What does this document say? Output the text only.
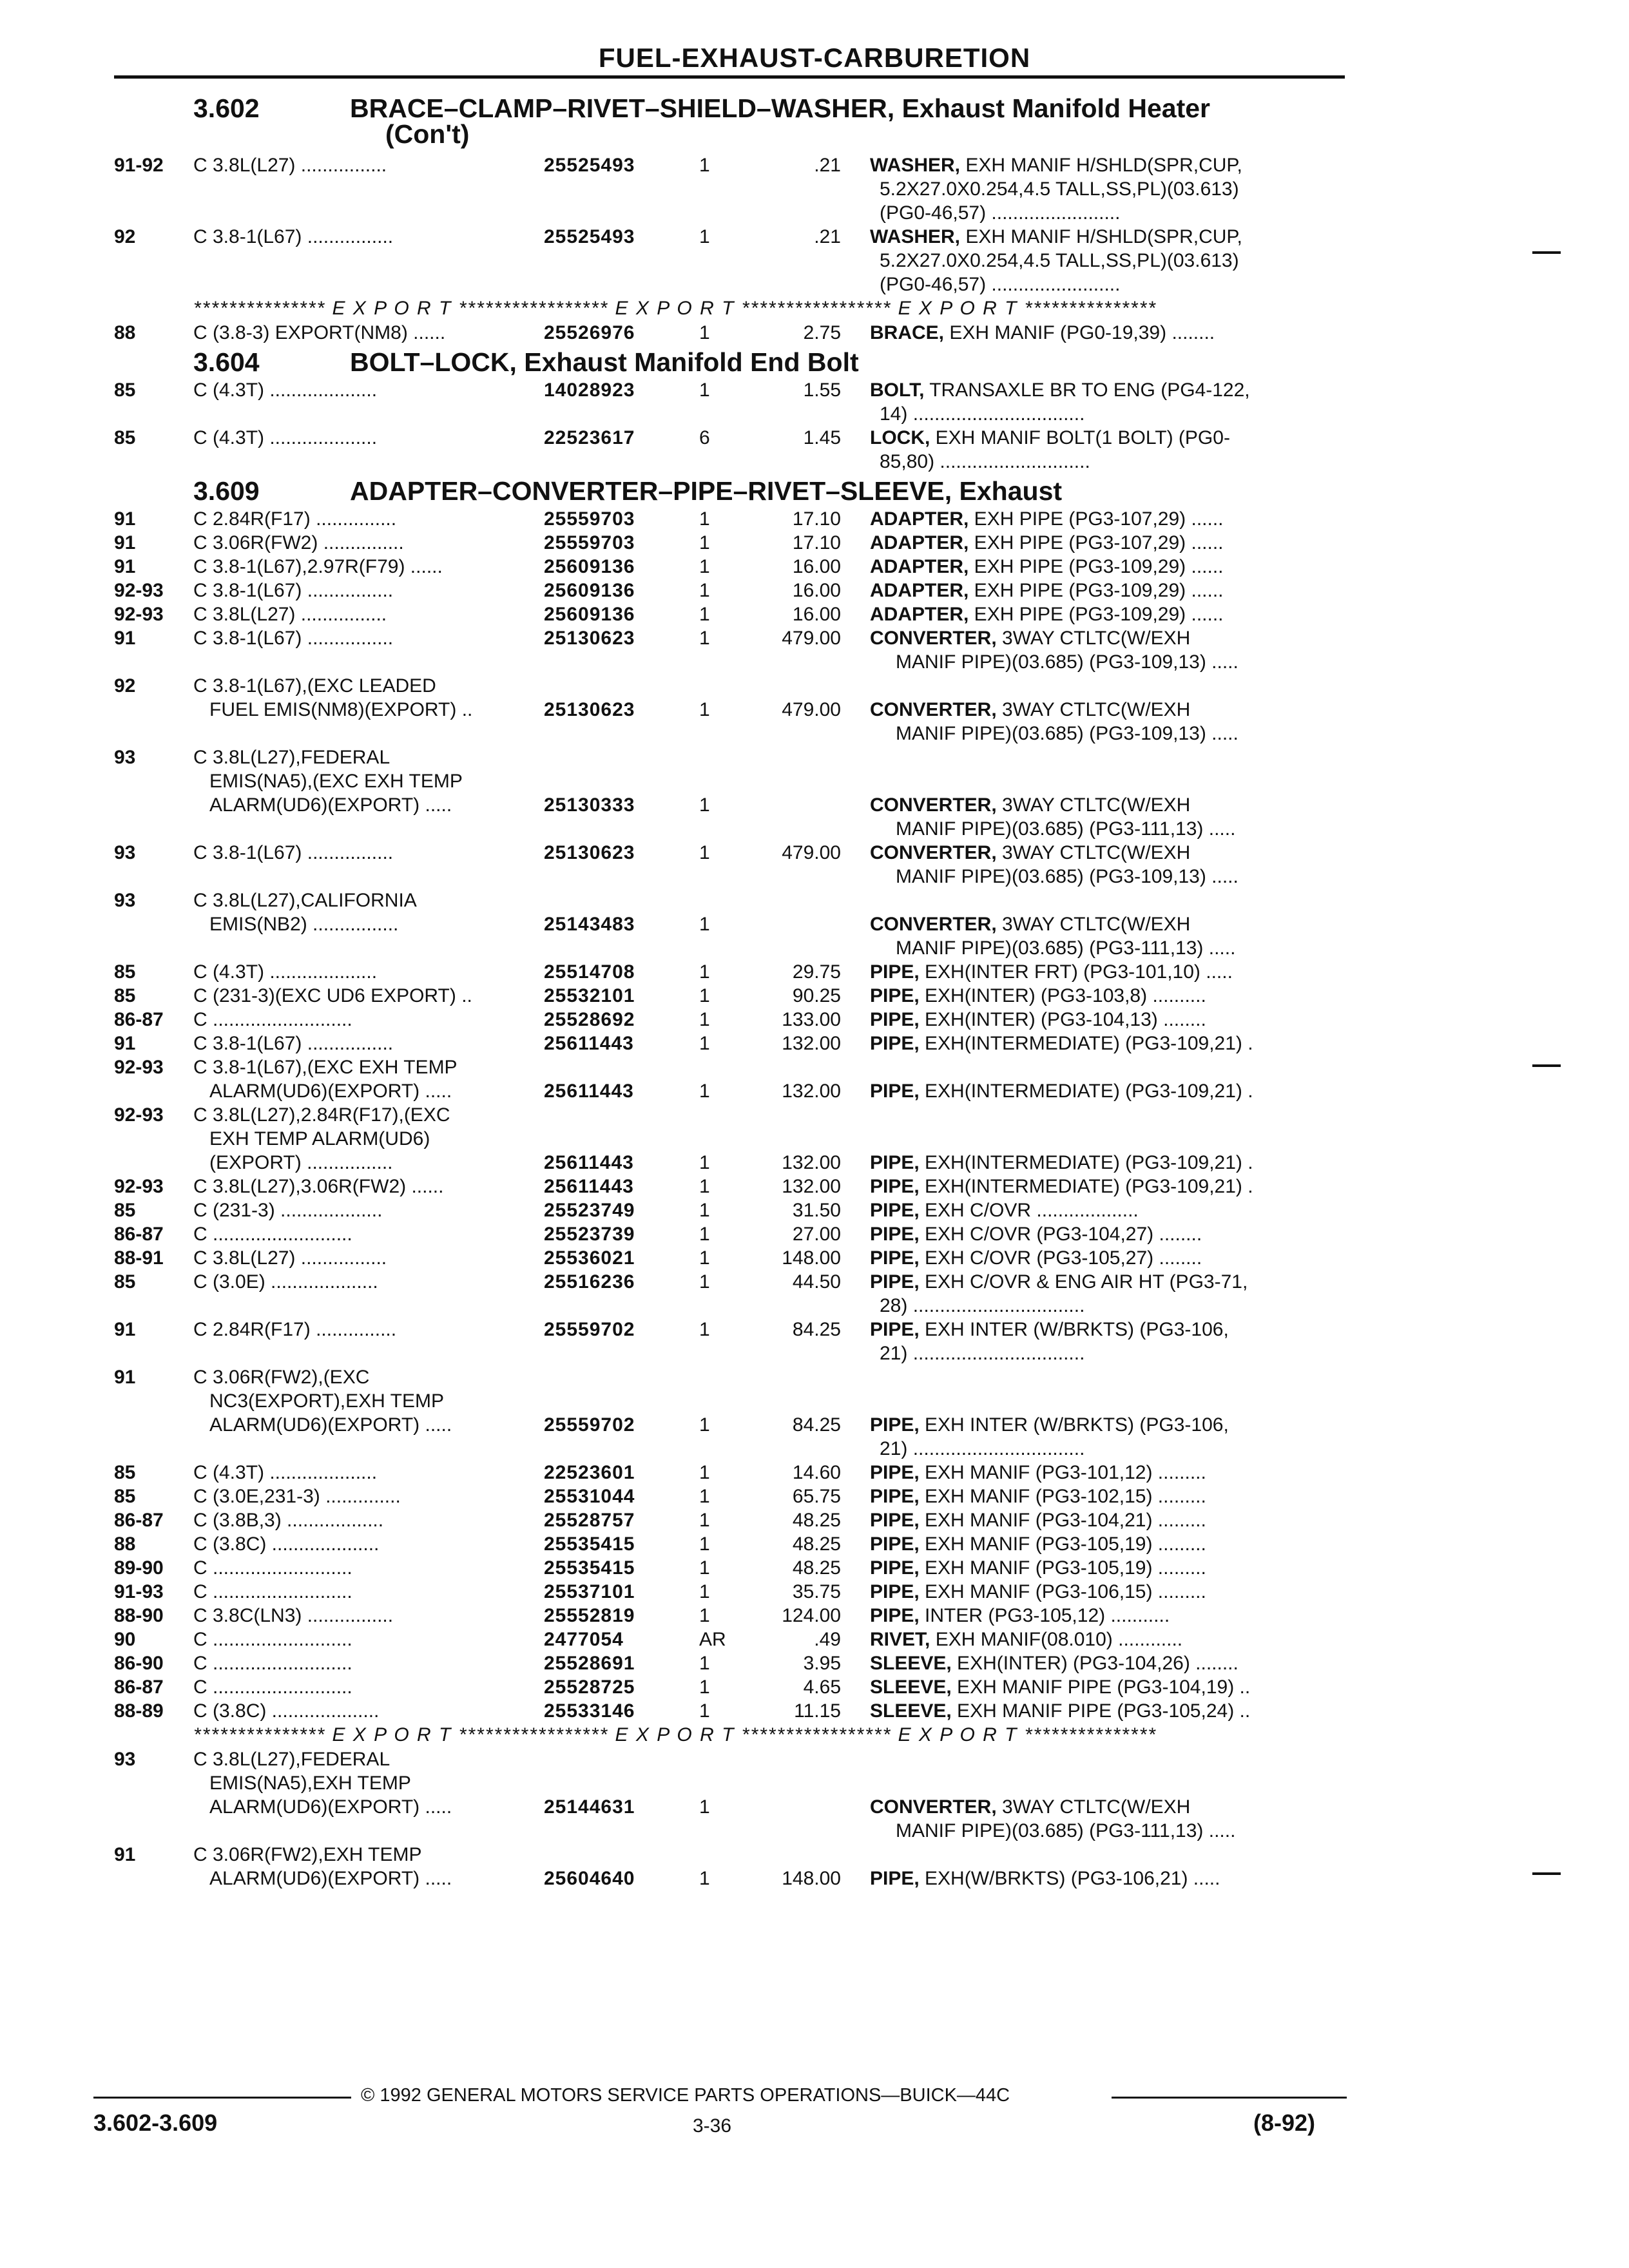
FUEL-EXHAUST-CARBURETION
3.602	BRACE–CLAMP–RIVET–SHIELD–WASHER, Exhaust Manifold Heater
(Con't)
91-92	C 3.8L(L27) ................	25525493	1	.21 WASHER, EXH MANIF H/SHLD(SPR,CUP,
5.2X27.0X0.254,4.5 TALL,SS,PL)(03.613)
(PG0-46,57) ........................
92	C 3.8-1(L67) ................	25525493	1	.21 WASHER, EXH MANIF H/SHLD(SPR,CUP,
5.2X27.0X0.254,4.5 TALL,SS,PL)(03.613)
(PG0-46,57) ........................
*************** E X P O R T ***************** E X P O R T ***************** E X P O R T ***************
88	C (3.8-3) EXPORT(NM8) ......	25526976	1	2.75 BRACE, EXH MANIF (PG0-19,39) ........
3.604	BOLT–LOCK, Exhaust Manifold End Bolt
85	C (4.3T) ....................	14028923	1	1.55 BOLT, TRANSAXLE BR TO ENG (PG4-122,
14) ................................
85	C (4.3T) ....................	22523617	6	1.45 LOCK, EXH MANIF BOLT(1 BOLT) (PG0-
85,80) ............................
3.609	ADAPTER–CONVERTER–PIPE–RIVET–SLEEVE, Exhaust
91	C 2.84R(F17) ...............	25559703	1	17.10 ADAPTER, EXH PIPE (PG3-107,29) ......
91	C 3.06R(FW2) ...............	25559703	1	17.10 ADAPTER, EXH PIPE (PG3-107,29) ......
91	C 3.8-1(L67),2.97R(F79) ......	25609136	1	16.00 ADAPTER, EXH PIPE (PG3-109,29) ......
92-93	C 3.8-1(L67) ................	25609136	1	16.00 ADAPTER, EXH PIPE (PG3-109,29) ......
92-93	C 3.8L(L27) ................	25609136	1	16.00 ADAPTER, EXH PIPE (PG3-109,29) ......
91	C 3.8-1(L67) ................	25130623	1	479.00 CONVERTER, 3WAY CTLTC(W/EXH
MANIF PIPE)(03.685) (PG3-109,13) .....
92	C 3.8-1(L67),(EXC LEADED
FUEL EMIS(NM8)(EXPORT) ..	25130623	1	479.00 CONVERTER, 3WAY CTLTC(W/EXH
MANIF PIPE)(03.685) (PG3-109,13) .....
93	C 3.8L(L27),FEDERAL
EMIS(NA5),(EXC EXH TEMP
ALARM(UD6)(EXPORT) .....	25130333	1	CONVERTER, 3WAY CTLTC(W/EXH
MANIF PIPE)(03.685) (PG3-111,13) .....
93	C 3.8-1(L67) ................	25130623	1	479.00 CONVERTER, 3WAY CTLTC(W/EXH
MANIF PIPE)(03.685) (PG3-109,13) .....
93	C 3.8L(L27),CALIFORNIA
EMIS(NB2) ................	25143483	1	CONVERTER, 3WAY CTLTC(W/EXH
MANIF PIPE)(03.685) (PG3-111,13) .....
85	C (4.3T) ....................	25514708	1	29.75 PIPE, EXH(INTER FRT) (PG3-101,10) .....
85	C (231-3)(EXC UD6 EXPORT) ..	25532101	1	90.25 PIPE, EXH(INTER) (PG3-103,8) ..........
86-87	C ..........................	25528692	1	133.00 PIPE, EXH(INTER) (PG3-104,13) ........
91	C 3.8-1(L67) ................	25611443	1	132.00 PIPE, EXH(INTERMEDIATE) (PG3-109,21) .
92-93	C 3.8-1(L67),(EXC EXH TEMP
ALARM(UD6)(EXPORT) .....	25611443	1	132.00 PIPE, EXH(INTERMEDIATE) (PG3-109,21) .
92-93	C 3.8L(L27),2.84R(F17),(EXC
EXH TEMP ALARM(UD6)
(EXPORT) ................	25611443	1	132.00 PIPE, EXH(INTERMEDIATE) (PG3-109,21) .
92-93	C 3.8L(L27),3.06R(FW2) ......	25611443	1	132.00 PIPE, EXH(INTERMEDIATE) (PG3-109,21) .
85	C (231-3) ...................	25523749	1	31.50 PIPE, EXH C/OVR ...................
86-87	C ..........................	25523739	1	27.00 PIPE, EXH C/OVR (PG3-104,27) ........
88-91	C 3.8L(L27) ................	25536021	1	148.00 PIPE, EXH C/OVR (PG3-105,27) ........
85	C (3.0E) ....................	25516236	1	44.50 PIPE, EXH C/OVR & ENG AIR HT (PG3-71,
28) ................................
91	C 2.84R(F17) ...............	25559702	1	84.25 PIPE, EXH INTER (W/BRKTS) (PG3-106,
21) ................................
91	C 3.06R(FW2),(EXC
NC3(EXPORT),EXH TEMP
ALARM(UD6)(EXPORT) .....	25559702	1	84.25 PIPE, EXH INTER (W/BRKTS) (PG3-106,
21) ................................
85	C (4.3T) ....................	22523601	1	14.60 PIPE, EXH MANIF (PG3-101,12) .........
85	C (3.0E,231-3) ..............	25531044	1	65.75 PIPE, EXH MANIF (PG3-102,15) .........
86-87	C (3.8B,3) ..................	25528757	1	48.25 PIPE, EXH MANIF (PG3-104,21) .........
88	C (3.8C) ....................	25535415	1	48.25 PIPE, EXH MANIF (PG3-105,19) .........
89-90	C ..........................	25535415	1	48.25 PIPE, EXH MANIF (PG3-105,19) .........
91-93	C ..........................	25537101	1	35.75 PIPE, EXH MANIF (PG3-106,15) .........
88-90	C 3.8C(LN3) ................	25552819	1	124.00 PIPE, INTER (PG3-105,12) ...........
90	C ..........................	2477054	AR	.49 RIVET, EXH MANIF(08.010) ............
86-90	C ..........................	25528691	1	3.95 SLEEVE, EXH(INTER) (PG3-104,26) ........
86-87	C ..........................	25528725	1	4.65 SLEEVE, EXH MANIF PIPE (PG3-104,19) ..
88-89	C (3.8C) ....................	25533146	1	11.15 SLEEVE, EXH MANIF PIPE (PG3-105,24) ..
*************** E X P O R T ***************** E X P O R T ***************** E X P O R T ***************
93	C 3.8L(L27),FEDERAL
EMIS(NA5),EXH TEMP
ALARM(UD6)(EXPORT) .....	25144631	1	CONVERTER, 3WAY CTLTC(W/EXH
MANIF PIPE)(03.685) (PG3-111,13) .....
91	C 3.06R(FW2),EXH TEMP
ALARM(UD6)(EXPORT) .....	25604640	1	148.00 PIPE, EXH(W/BRKTS) (PG3-106,21) .....
© 1992 GENERAL MOTORS SERVICE PARTS OPERATIONS—BUICK—44C
3.602-3.609	3-36	(8-92)
